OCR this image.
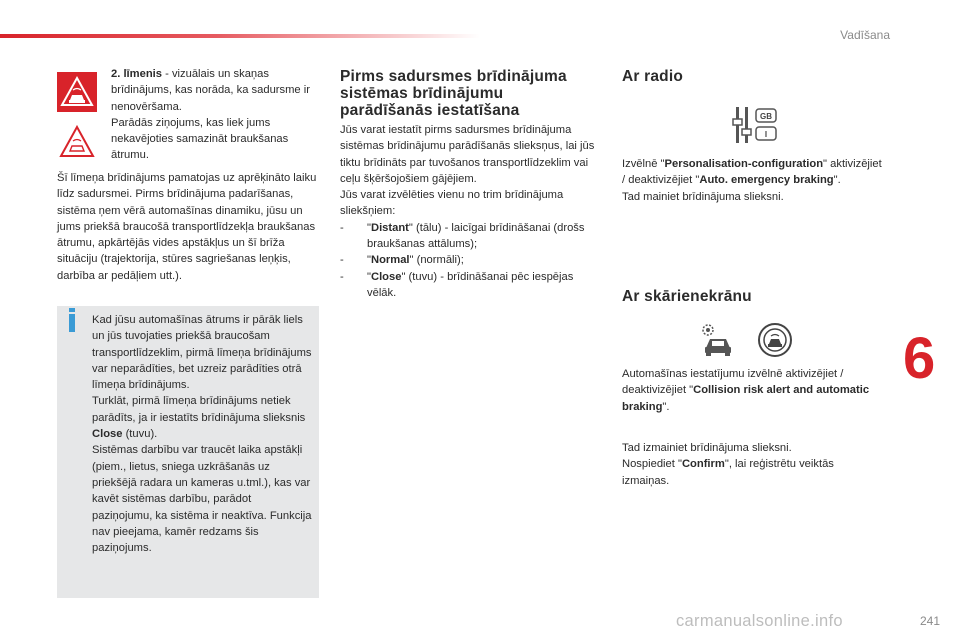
Vadīšana

2. līmenis - vizuālais un skaņas brīdinājums, kas norāda, ka sadursme ir nenovēršama.

Parādās ziņojums, kas liek jums nekavējoties samazināt braukšanas ātrumu.

Šī līmeņa brīdinājums pamatojas uz aprēķināto laiku līdz sadursmei. Pirms brīdinājuma padarīšanas, sistēma ņem vērā automašīnas dinamiku, jūsu un jums priekšā braucošā transportlīdzekļa braukšanas ātrumu, apkārtējās vides apstākļus un šī brīža situāciju (trajektorija, stūres sagriešanas leņķis, darbība ar pedāļiem utt.).

Kad jūsu automašīnas ātrums ir pārāk liels un jūs tuvojaties priekšā braucošam transportlīdzeklim, pirmā līmeņa brīdinājums var neparādīties, bet uzreiz parādīties otrā līmeņa brīdinājums.

Turklāt, pirmā līmeņa brīdinājums netiek parādīts, ja ir iestatīts brīdinājuma slieksnis Close (tuvu).

Sistēmas darbību var traucēt laika apstākļi (piem., lietus, sniega uzkrāšanās uz priekšējā radara un kameras u.tml.), kas var kavēt sistēmas darbību, parādot paziņojumu, ka sistēma ir neaktīva. Funkcija nav pieejama, kamēr redzams šis paziņojums.

Pirms sadursmes brīdinājuma sistēmas brīdinājumu parādīšanās iestatīšana

Jūs varat iestatīt pirms sadursmes brīdinājuma sistēmas brīdinājumu parādīšanās slieksņus, lai jūs tiktu brīdināts par tuvošanos transportlīdzeklim vai ceļu šķēršojošiem gājējiem.

Jūs varat izvēlēties vienu no trim brīdinājuma sliekšņiem:

-	"Distant" (tālu) - laicīgai brīdināšanai (drošs braukšanas attālums);
-	"Normal" (normāli);
-	"Close" (tuvu) - brīdināšanai pēc iespējas vēlāk.
Ar radio
GB
I

Izvēlnē "Personalisation-configuration" aktivizējiet / deaktivizējiet "Auto. emergency braking".

Tad mainiet brīdinājuma slieksni.

Ar skārienekrānu

Automašīnas iestatījumu izvēlnē aktivizējiet / deaktivizējiet "Collision risk alert and automatic braking".

Tad izmainiet brīdinājuma slieksni.

Nospiediet "Confirm", lai reģistrētu veiktās izmaiņas.

6
carmanualsonline.info	241
